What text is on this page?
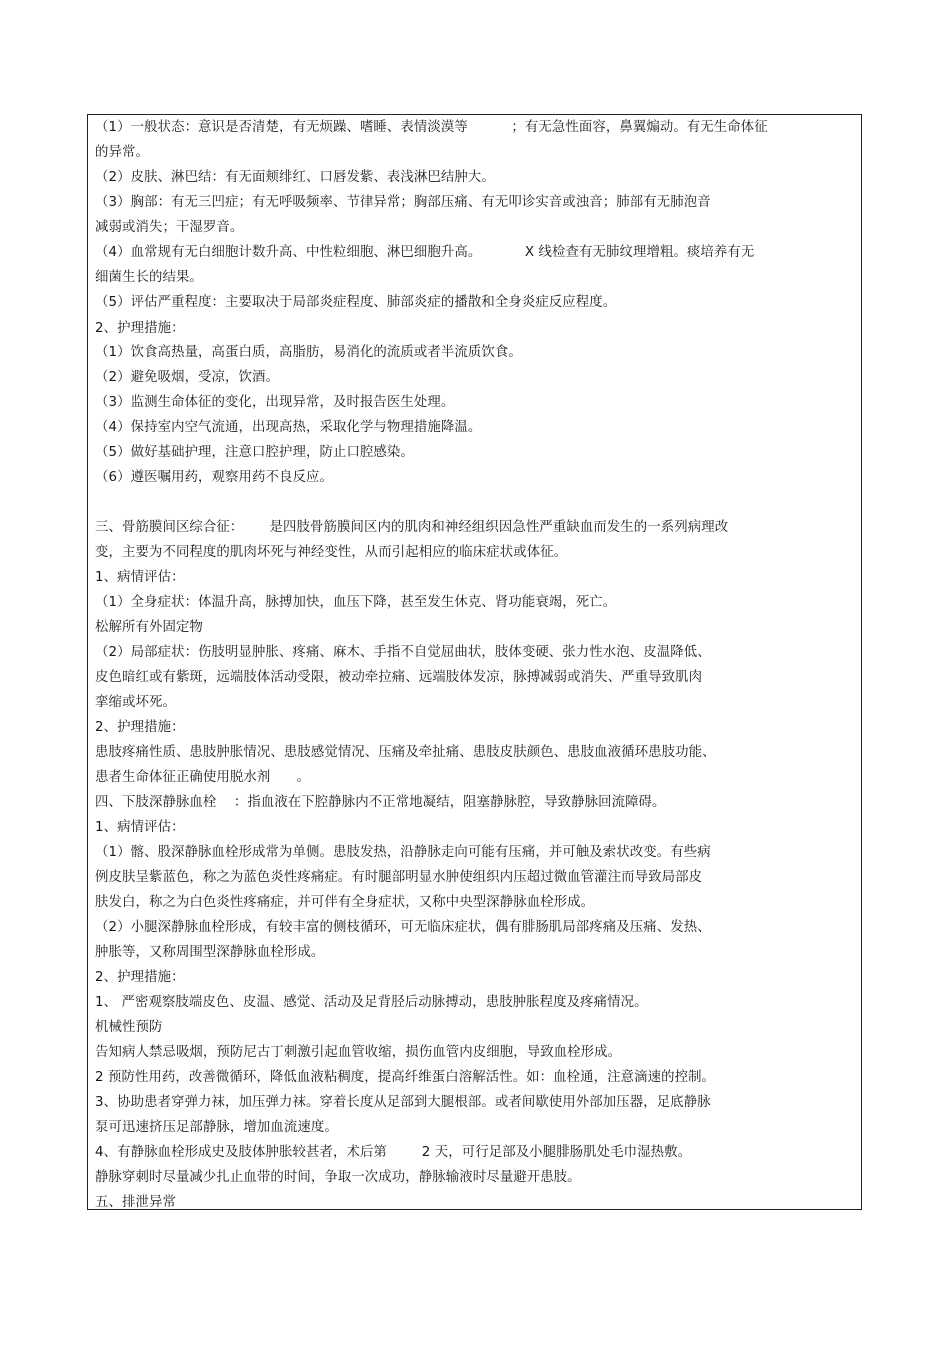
（1）一般状态：意识是否清楚，有无烦躁、嗜睡、表情淡漠等          ；有无急性面容，鼻翼煽动。有无生命体征
的异常。
（2）皮肤、淋巴结：有无面颊绯红、口唇发紫、表浅淋巴结肿大。
（3）胸部：有无三凹症；有无呼吸频率、节律异常；胸部压痛、有无叩诊实音或浊音；肺部有无肺泡音
减弱或消失；干湿罗音。
（4）血常规有无白细胞计数升高、中性粒细胞、淋巴细胞升高。          X 线检查有无肺纹理增粗。痰培养有无
细菌生长的结果。
（5）评估严重程度：主要取决于局部炎症程度、肺部炎症的播散和全身炎症反应程度。
2、护理措施：
（1）饮食高热量，高蛋白质，高脂肪，易消化的流质或者半流质饮食。
（2）避免吸烟，受凉，饮酒。
（3）监测生命体征的变化，出现异常，及时报告医生处理。
（4）保持室内空气流通，出现高热，采取化学与物理措施降温。
（5）做好基础护理，注意口腔护理，防止口腔感染。
（6）遵医嘱用药，观察用药不良反应。
三、骨筋膜间区综合征：      是四肢骨筋膜间区内的肌肉和神经组织因急性严重缺血而发生的一系列病理改
变，主要为不同程度的肌肉坏死与神经变性，从而引起相应的临床症状或体征。
1、病情评估：
（1）全身症状：体温升高，脉搏加快，血压下降，甚至发生休克、肾功能衰竭，死亡。
松解所有外固定物
（2）局部症状：伤肢明显肿胀、疼痛、麻木、手指不自觉屈曲状，肢体变硬、张力性水泡、皮温降低、
皮色暗红或有紫斑，远端肢体活动受限，被动牵拉痛、远端肢体发凉，脉搏减弱或消失、严重导致肌肉
挛缩或坏死。
2、护理措施：
患肢疼痛性质、患肢肿胀情况、患肢感觉情况、压痛及牵扯痛、患肢皮肤颜色、患肢血液循环患肢功能、
患者生命体征正确使用脱水剂      。
四、下肢深静脉血栓    ：指血液在下腔静脉内不正常地凝结，阻塞静脉腔，导致静脉回流障碍。
1、病情评估：
（1）髂、股深静脉血栓形成常为单侧。患肢发热，沿静脉走向可能有压痛，并可触及索状改变。有些病
例皮肤呈紫蓝色，称之为蓝色炎性疼痛症。有时腿部明显水肿使组织内压超过微血管灌注而导致局部皮
肤发白，称之为白色炎性疼痛症，并可伴有全身症状，又称中央型深静脉血栓形成。
（2）小腿深静脉血栓形成，有较丰富的侧枝循环，可无临床症状，偶有腓肠肌局部疼痛及压痛、发热、
肿胀等，又称周围型深静脉血栓形成。
2、护理措施：
1、 严密观察肢端皮色、皮温、感觉、活动及足背胫后动脉搏动，患肢肿胀程度及疼痛情况。
机械性预防
告知病人禁忌吸烟，预防尼古丁刺激引起血管收缩，损伤血管内皮细胞，导致血栓形成。
2 预防性用药，改善微循环，降低血液粘稠度，提高纤维蛋白溶解活性。如：血栓通，注意滴速的控制。
3、协助患者穿弹力袜，加压弹力袜。穿着长度从足部到大腿根部。或者间歇使用外部加压器，足底静脉
泵可迅速挤压足部静脉，增加血流速度。
4、有静脉血栓形成史及肢体肿胀较甚者，术后第        2 天，可行足部及小腿腓肠肌处毛巾湿热敷。
静脉穿刺时尽量减少扎止血带的时间，争取一次成功，静脉输液时尽量避开患肢。
五、排泄异常
